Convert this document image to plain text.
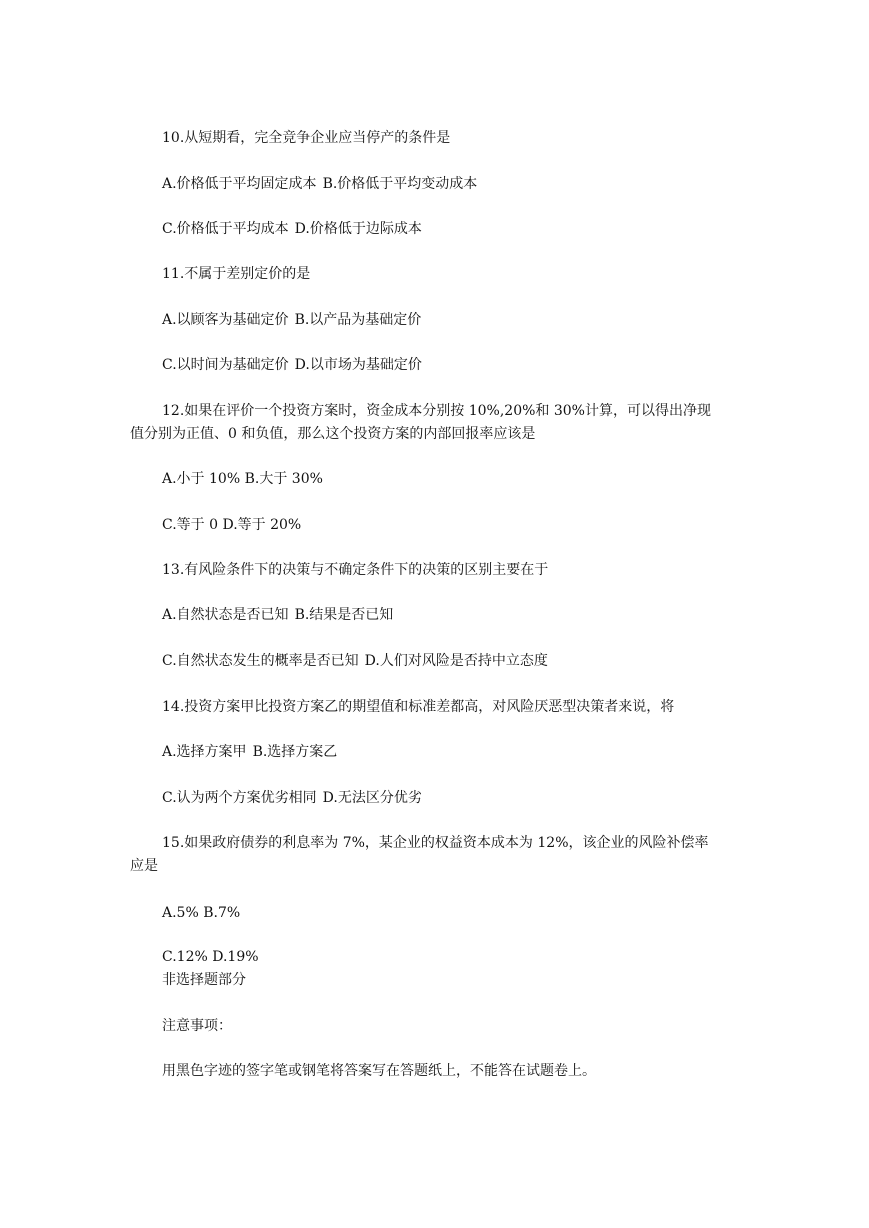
10.从短期看，完全竞争企业应当停产的条件是
A.价格低于平均固定成本 B.价格低于平均变动成本
C.价格低于平均成本 D.价格低于边际成本
11.不属于差别定价的是
A.以顾客为基础定价 B.以产品为基础定价
C.以时间为基础定价 D.以市场为基础定价
12.如果在评价一个投资方案时，资金成本分别按 10%,20%和 30%计算，可以得出净现
值分别为正值、0 和负值，那么这个投资方案的内部回报率应该是
A.小于 10% B.大于 30%
C.等于 0 D.等于 20%
13.有风险条件下的决策与不确定条件下的决策的区别主要在于
A.自然状态是否已知 B.结果是否已知
C.自然状态发生的概率是否已知 D.人们对风险是否持中立态度
14.投资方案甲比投资方案乙的期望值和标准差都高，对风险厌恶型决策者来说，将
A.选择方案甲 B.选择方案乙
C.认为两个方案优劣相同 D.无法区分优劣
15.如果政府债券的利息率为 7%，某企业的权益资本成本为 12%，该企业的风险补偿率
应是
A.5% B.7%
C.12% D.19%
非选择题部分
注意事项：
用黑色字迹的签字笔或钢笔将答案写在答题纸上，不能答在试题卷上。
